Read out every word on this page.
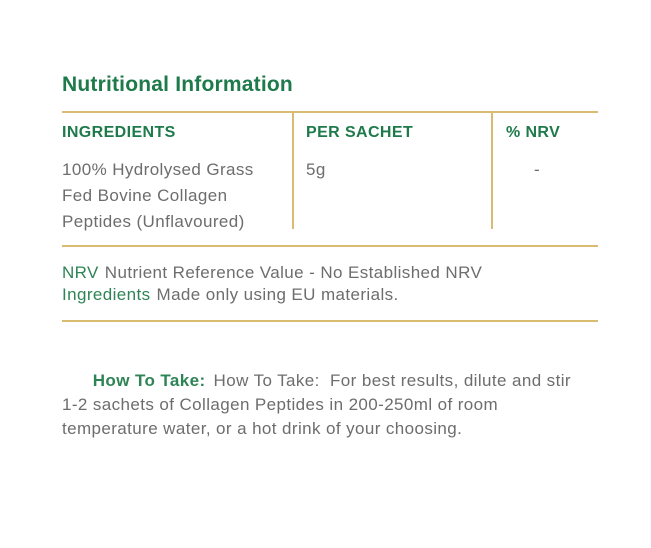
Nutritional Information
INGREDIENTS
100% Hydrolysed Grass Fed Bovine Collagen Peptides (Unflavoured)
PER SACHET
5g
% NRV
-
NRV Nutrient Reference Value - No Established NRV
Ingredients Made only using EU materials.

How To Take: How To Take:  For best results, dilute and stir 1-2 sachets of Collagen Peptides in 200-250ml of room temperature water, or a hot drink of your choosing.
